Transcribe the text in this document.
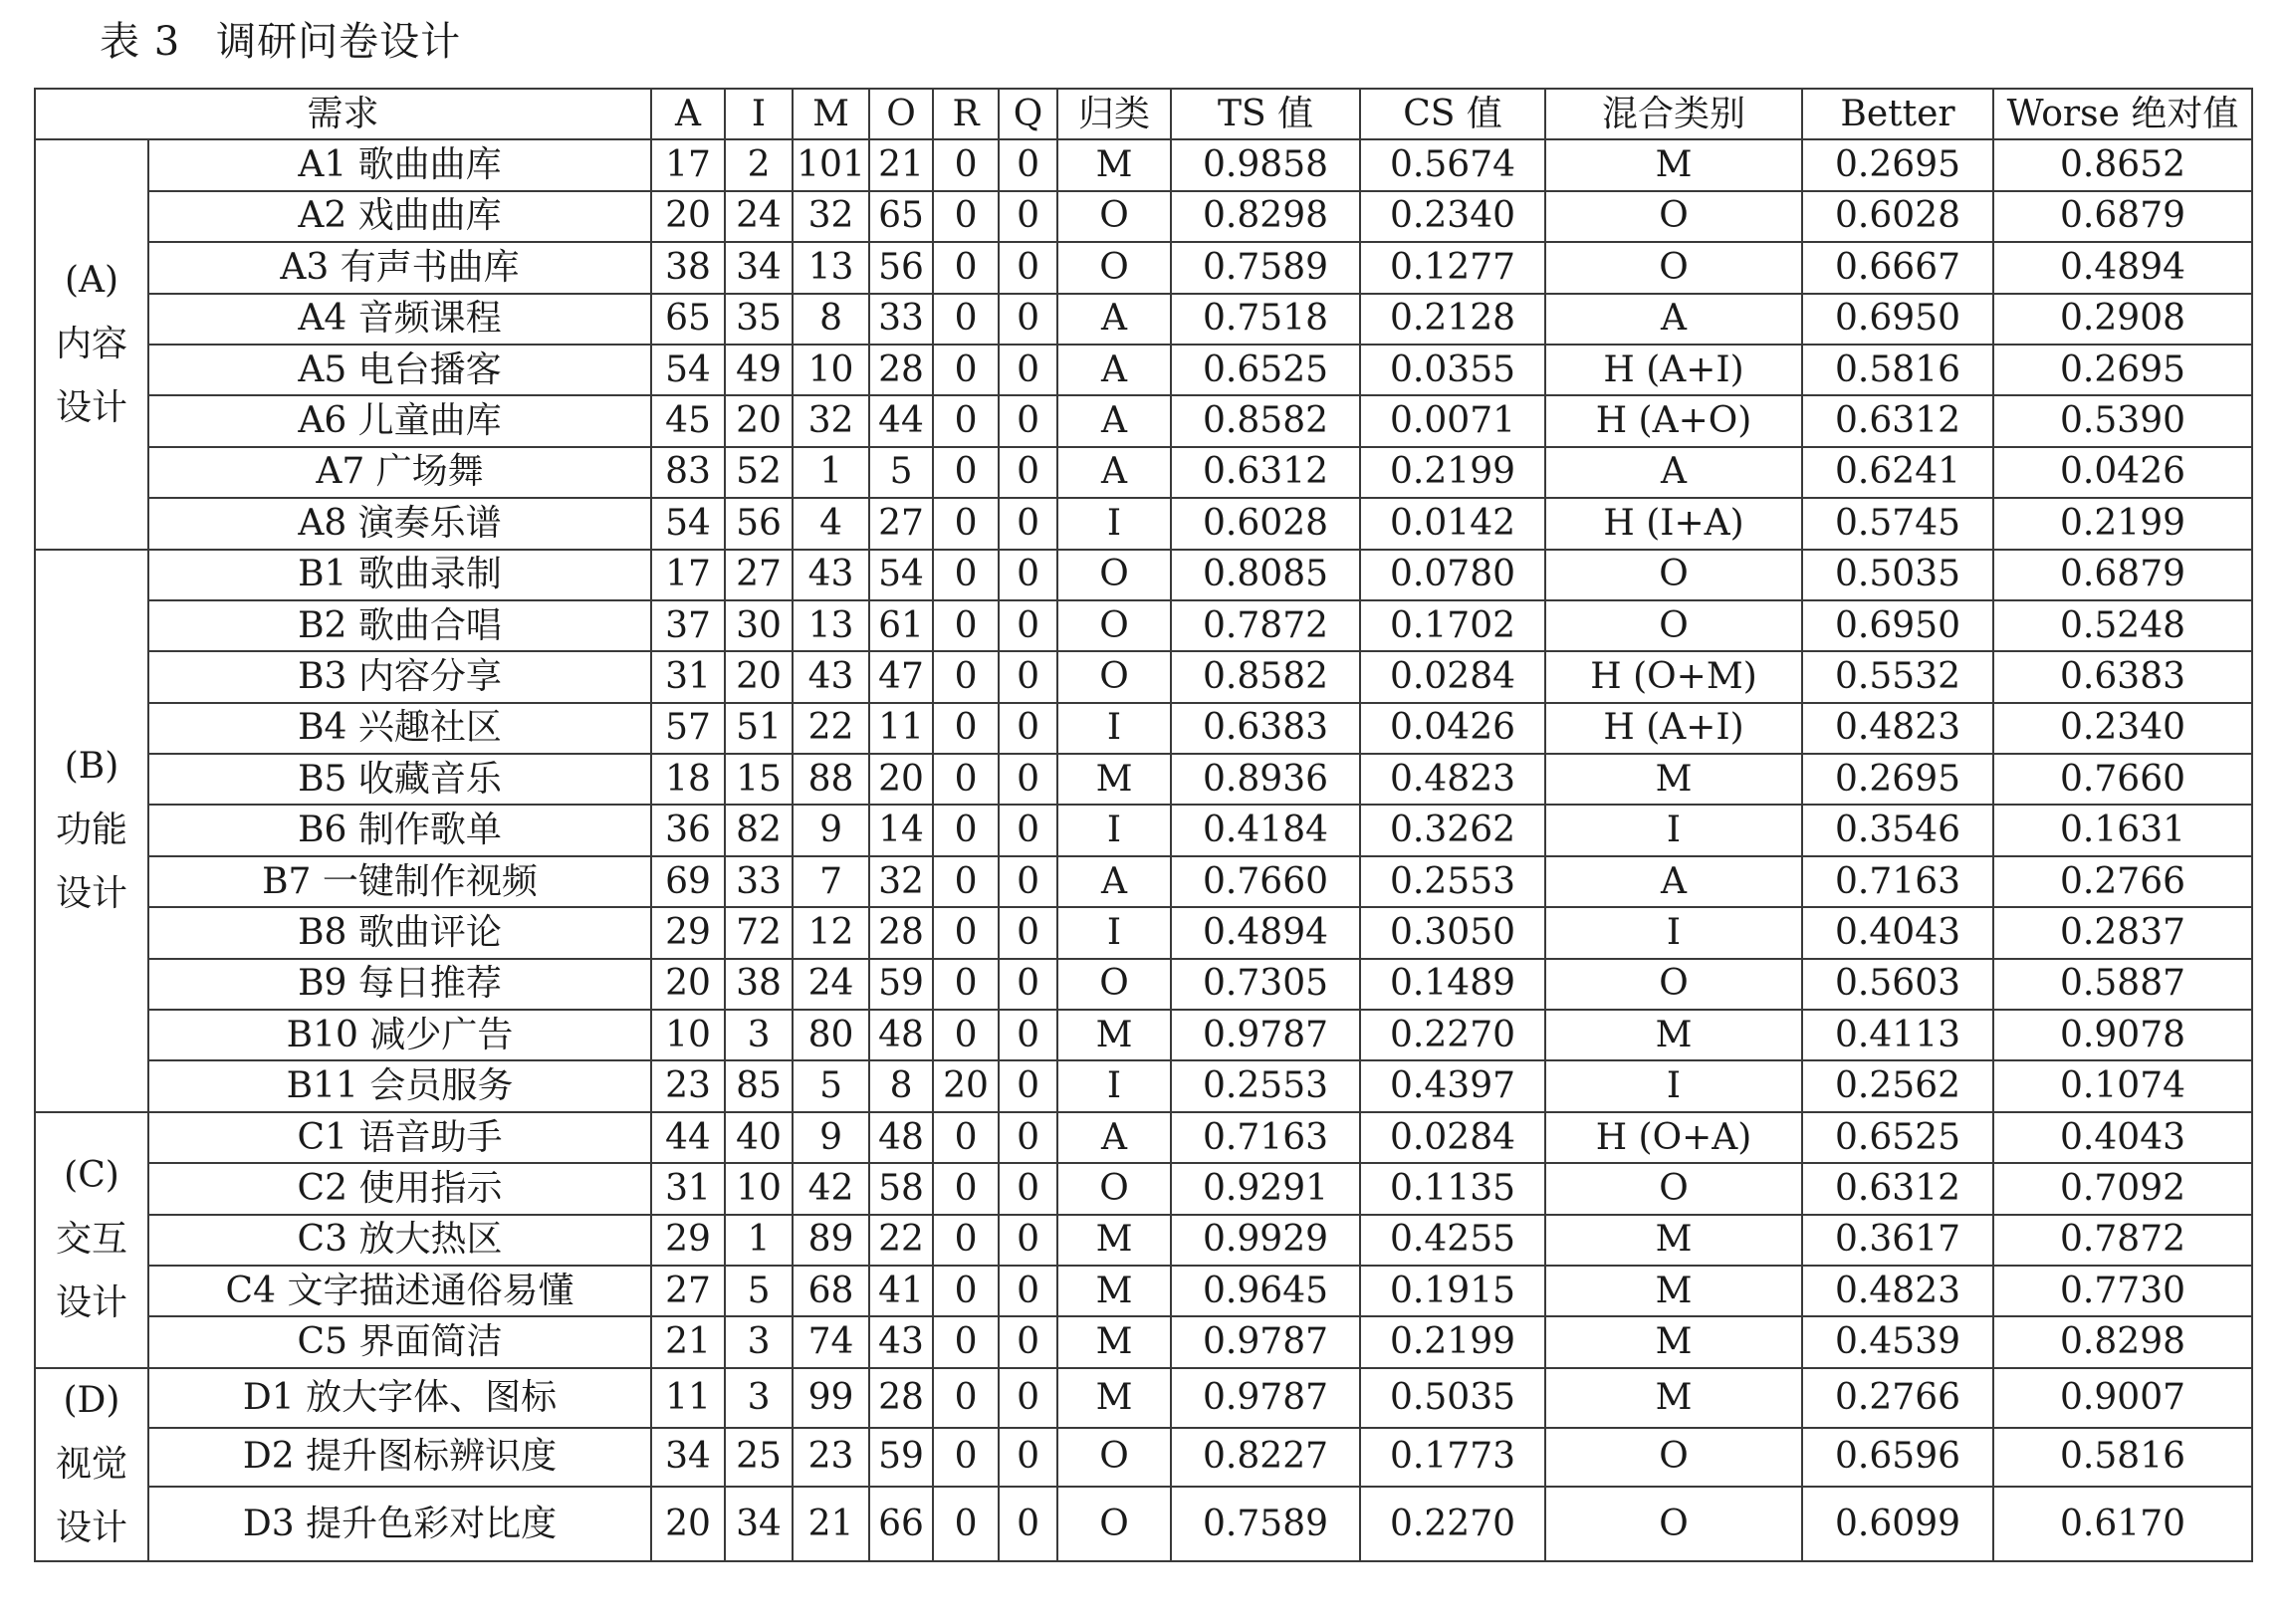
表 3 调研问卷设计
需求		A	I	M	O	R	Q	归类	TS 值	CS 值	混合类别	Better	Worse 绝对值

(A)
内容
设计	A1 歌曲曲库	17	2	101	21	0	0	M	0.9858	0.5674	M	0.2695	0.8652
	A2 戏曲曲库	20	24	32	65	0	0	O	0.8298	0.2340	O	0.6028	0.6879
	A3 有声书曲库	38	34	13	56	0	0	O	0.7589	0.1277	O	0.6667	0.4894
	A4 音频课程	65	35	8	33	0	0	A	0.7518	0.2128	A	0.6950	0.2908
	A5 电台播客	54	49	10	28	0	0	A	0.6525	0.0355	H (A+I)	0.5816	0.2695
	A6 儿童曲库	45	20	32	44	0	0	A	0.8582	0.0071	H (A+O)	0.6312	0.5390
	A7 广场舞	83	52	1	5	0	0	A	0.6312	0.2199	A	0.6241	0.0426
	A8 演奏乐谱	54	56	4	27	0	0	I	0.6028	0.0142	H (I+A)	0.5745	0.2199

(B)
功能
设计	B1 歌曲录制	17	27	43	54	0	0	O	0.8085	0.0780	O	0.5035	0.6879
	B2 歌曲合唱	37	30	13	61	0	0	O	0.7872	0.1702	O	0.6950	0.5248
	B3 内容分享	31	20	43	47	0	0	O	0.8582	0.0284	H (O+M)	0.5532	0.6383
	B4 兴趣社区	57	51	22	11	0	0	I	0.6383	0.0426	H (A+I)	0.4823	0.2340
	B5 收藏音乐	18	15	88	20	0	0	M	0.8936	0.4823	M	0.2695	0.7660
	B6 制作歌单	36	82	9	14	0	0	I	0.4184	0.3262	I	0.3546	0.1631
	B7 一键制作视频	69	33	7	32	0	0	A	0.7660	0.2553	A	0.7163	0.2766
	B8 歌曲评论	29	72	12	28	0	0	I	0.4894	0.3050	I	0.4043	0.2837
	B9 每日推荐	20	38	24	59	0	0	O	0.7305	0.1489	O	0.5603	0.5887
	B10 减少广告	10	3	80	48	0	0	M	0.9787	0.2270	M	0.4113	0.9078
	B11 会员服务	23	85	5	8	20	0	I	0.2553	0.4397	I	0.2562	0.1074

(C)
交互
设计	C1 语音助手	44	40	9	48	0	0	A	0.7163	0.0284	H (O+A)	0.6525	0.4043
	C2 使用指示	31	10	42	58	0	0	O	0.9291	0.1135	O	0.6312	0.7092
	C3 放大热区	29	1	89	22	0	0	M	0.9929	0.4255	M	0.3617	0.7872
	C4 文字描述通俗易懂	27	5	68	41	0	0	M	0.9645	0.1915	M	0.4823	0.7730
	C5 界面简洁	21	3	74	43	0	0	M	0.9787	0.2199	M	0.4539	0.8298

(D)
视觉
设计	D1 放大字体、图标	11	3	99	28	0	0	M	0.9787	0.5035	M	0.2766	0.9007
	D2 提升图标辨识度	34	25	23	59	0	0	O	0.8227	0.1773	O	0.6596	0.5816
	D3 提升色彩对比度	20	34	21	66	0	0	O	0.7589	0.2270	O	0.6099	0.6170
